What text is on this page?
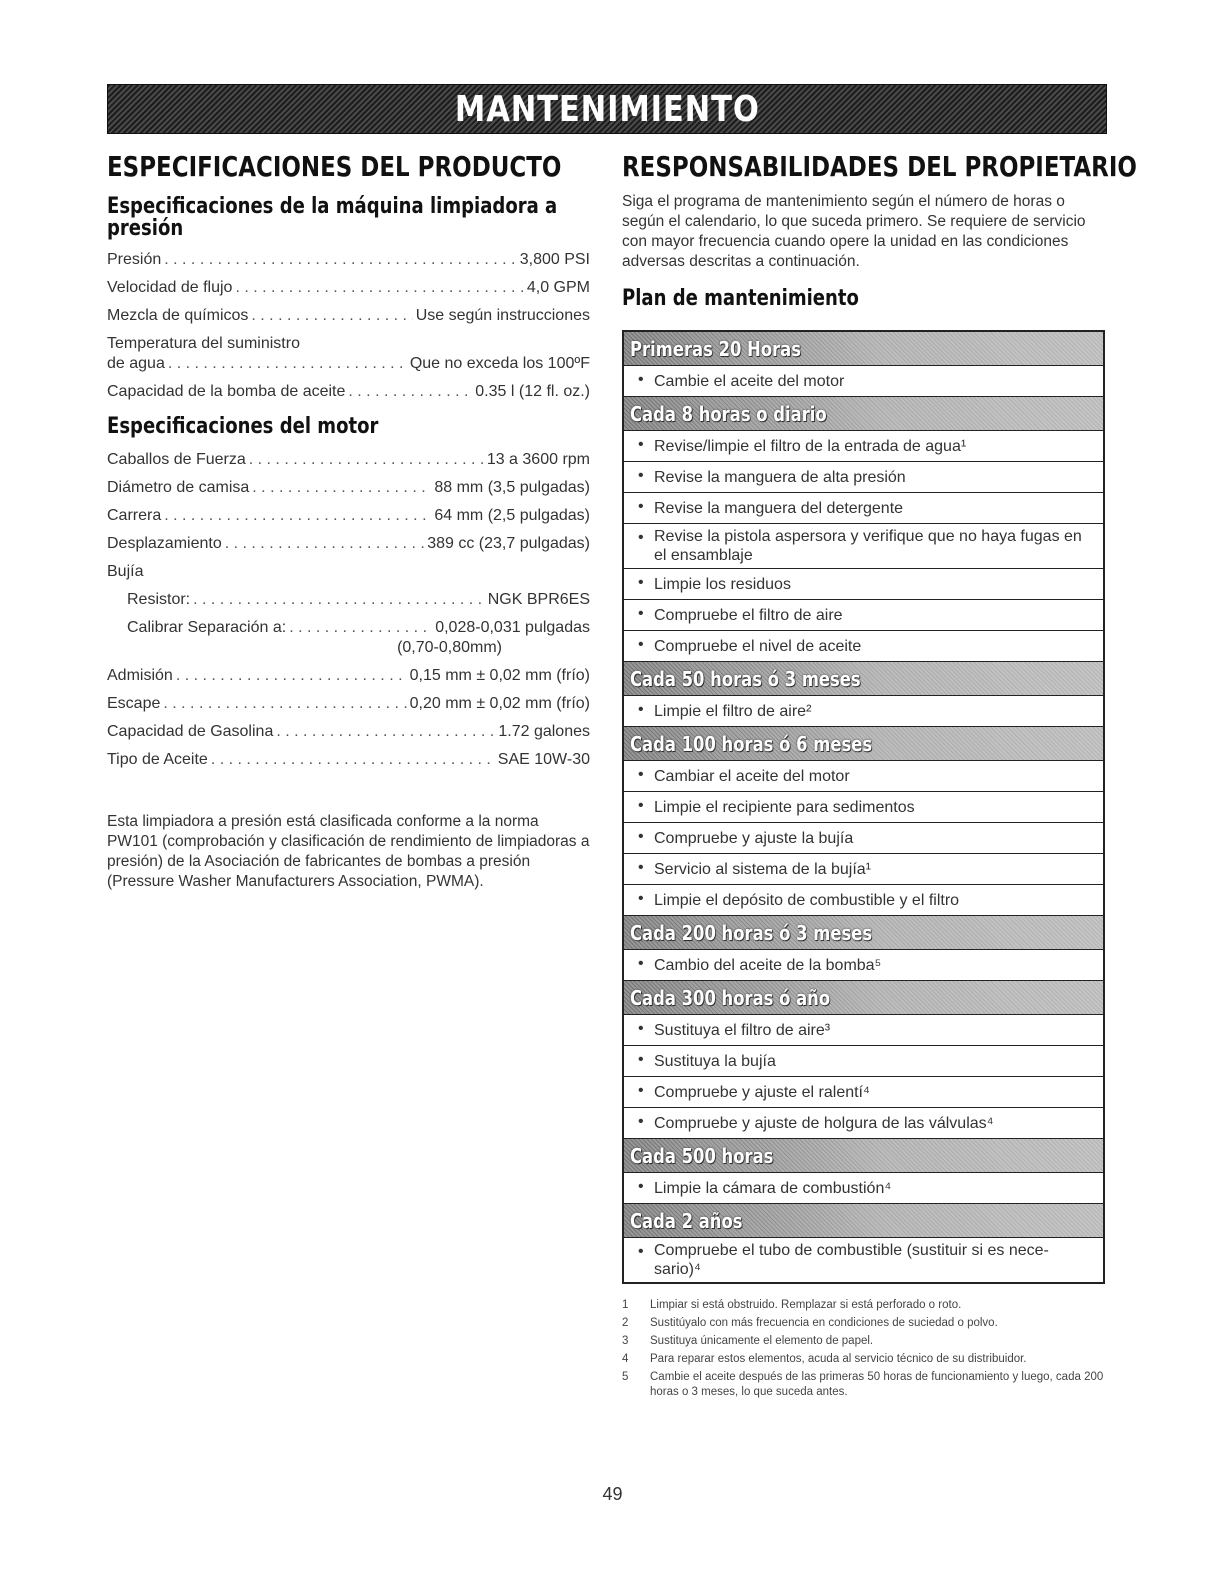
MANTENIMIENTO
ESPECIFICACIONES DEL PRODUCTO
Especificaciones de la máquina limpiadora a presión
Presión . . .	3,800 PSI
Velocidad de flujo . . .	4,0 GPM
Mezcla de químicos . . .	Use según instrucciones
Temperatura del suministro
de agua . . .	Que no exceda los 100ºF
Capacidad de la bomba de aceite . . .	0.35 l (12 fl. oz.)
Especificaciones del motor
Caballos de Fuerza . . .	13 a 3600 rpm
Diámetro de camisa . . .	88 mm (3,5 pulgadas)
Carrera . . .	64 mm (2,5 pulgadas)
Desplazamiento . . .	389 cc (23,7 pulgadas)
Bujía
Resistor: . . .	NGK BPR6ES
Calibrar Separación a: . . .	0,028-0,031 pulgadas
(0,70-0,80mm)
Admisión . . .	0,15 mm ± 0,02 mm (frío)
Escape . . .	0,20 mm ± 0,02 mm (frío)
Capacidad de Gasolina . . .	1.72 galones
Tipo de Aceite . . .	SAE 10W-30
Esta limpiadora a presión está clasificada conforme a la norma PW101 (comprobación y clasificación de rendimiento de limpiadoras a presión) de la Asociación de fabricantes de bombas a presión (Pressure Washer Manufacturers Association, PWMA).
RESPONSABILIDADES DEL PROPIETARIO
Siga el programa de mantenimiento según el número de horas o según el calendario, lo que suceda primero. Se requiere de servicio con mayor frecuencia cuando opere la unidad en las condiciones adversas descritas a continuación.
Plan de mantenimiento
Primeras 20 Horas
• Cambie el aceite del motor
Cada 8 horas o diario
• Revise/limpie el filtro de la entrada de agua¹
• Revise la manguera de alta presión
• Revise la manguera del detergente
• Revise la pistola aspersora y verifique que no haya fugas en el ensamblaje
• Limpie los residuos
• Compruebe el filtro de aire
• Compruebe el nivel de aceite
Cada 50 horas ó 3 meses
• Limpie el filtro de aire²
Cada 100 horas ó 6 meses
• Cambiar el aceite del motor
• Limpie el recipiente para sedimentos
• Compruebe y ajuste la bujía
• Servicio al sistema de la bujía¹
• Limpie el depósito de combustible y el filtro
Cada 200 horas ó 3 meses
• Cambio del aceite de la bomba⁵
Cada 300 horas ó año
• Sustituya el filtro de aire³
• Sustituya la bujía
• Compruebe y ajuste el ralentí⁴
• Compruebe y ajuste de holgura de las válvulas⁴
Cada 500 horas
• Limpie la cámara de combustión⁴
Cada 2 años
• Compruebe el tubo de combustible (sustituir si es nece-sario)⁴
1	Limpiar si está obstruido. Remplazar si está perforado o roto.
2	Sustitúyalo con más frecuencia en condiciones de suciedad o polvo.
3	Sustituya únicamente el elemento de papel.
4	Para reparar estos elementos, acuda al servicio técnico de su distribuidor.
5	Cambie el aceite después de las primeras 50 horas de funcionamiento y luego, cada 200 horas o 3 meses, lo que suceda antes.
49
